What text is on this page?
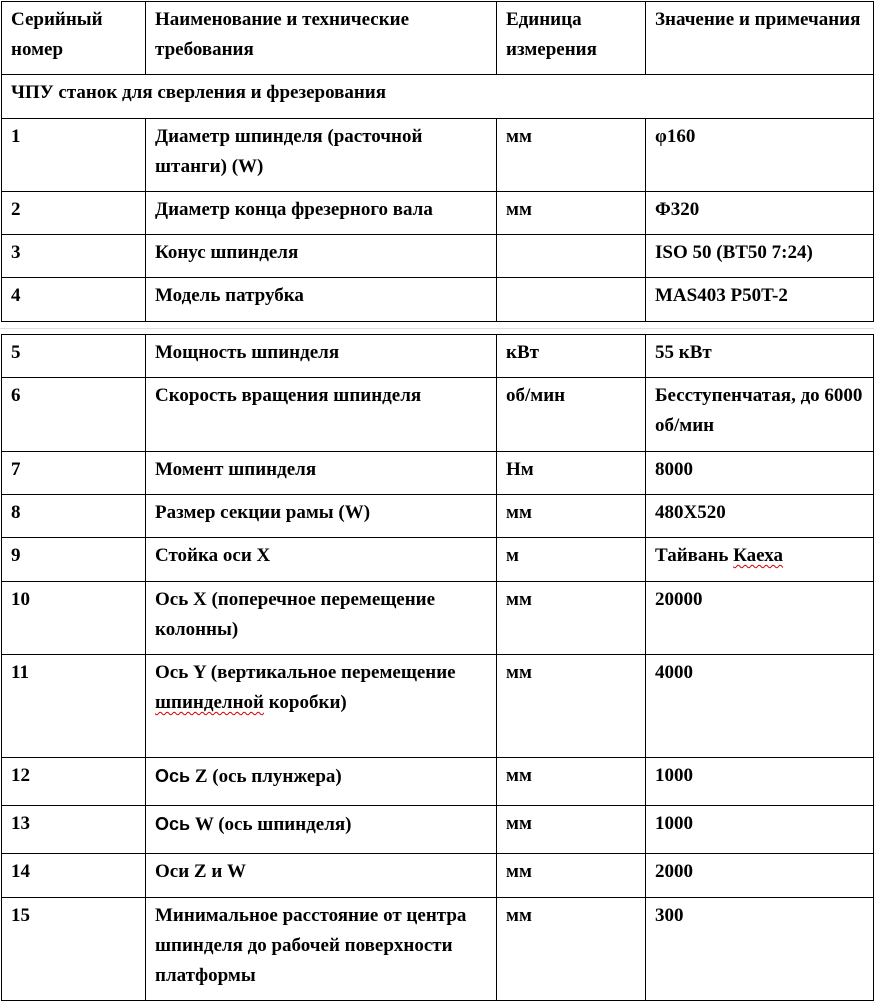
Серийный номер	Наименование и технические требования	Единица измерения	Значение и примечания
ЧПУ станок для сверления и фрезерования			
1	Диаметр шпинделя (расточной штанги) (W)	мм	φ160
2	Диаметр конца фрезерного вала	мм	Φ320
3	Конус шпинделя		ISO 50 (BT50 7:24)
4	Модель патрубка		MAS403 P50T-2
5	Мощность шпинделя	кВт	55 кВт
6	Скорость вращения шпинделя	об/мин	Бесступенчатая, до 6000 об/мин
7	Момент шпинделя	Нм	8000
8	Размер секции рамы (W)	мм	480X520
9	Стойка оси X	м	Тайвань Каеха
10	Ось X (поперечное перемещение колонны)	мм	20000
11	Ось Y (вертикальное перемещение шпинделной коробки)	мм	4000
12	Ось Z (ось плунжера)	мм	1000
13	Ось W (ось шпинделя)	мм	1000
14	Оси Z и W	мм	2000
15	Минимальное расстояние от центра шпинделя до рабочей поверхности платформы	мм	300
